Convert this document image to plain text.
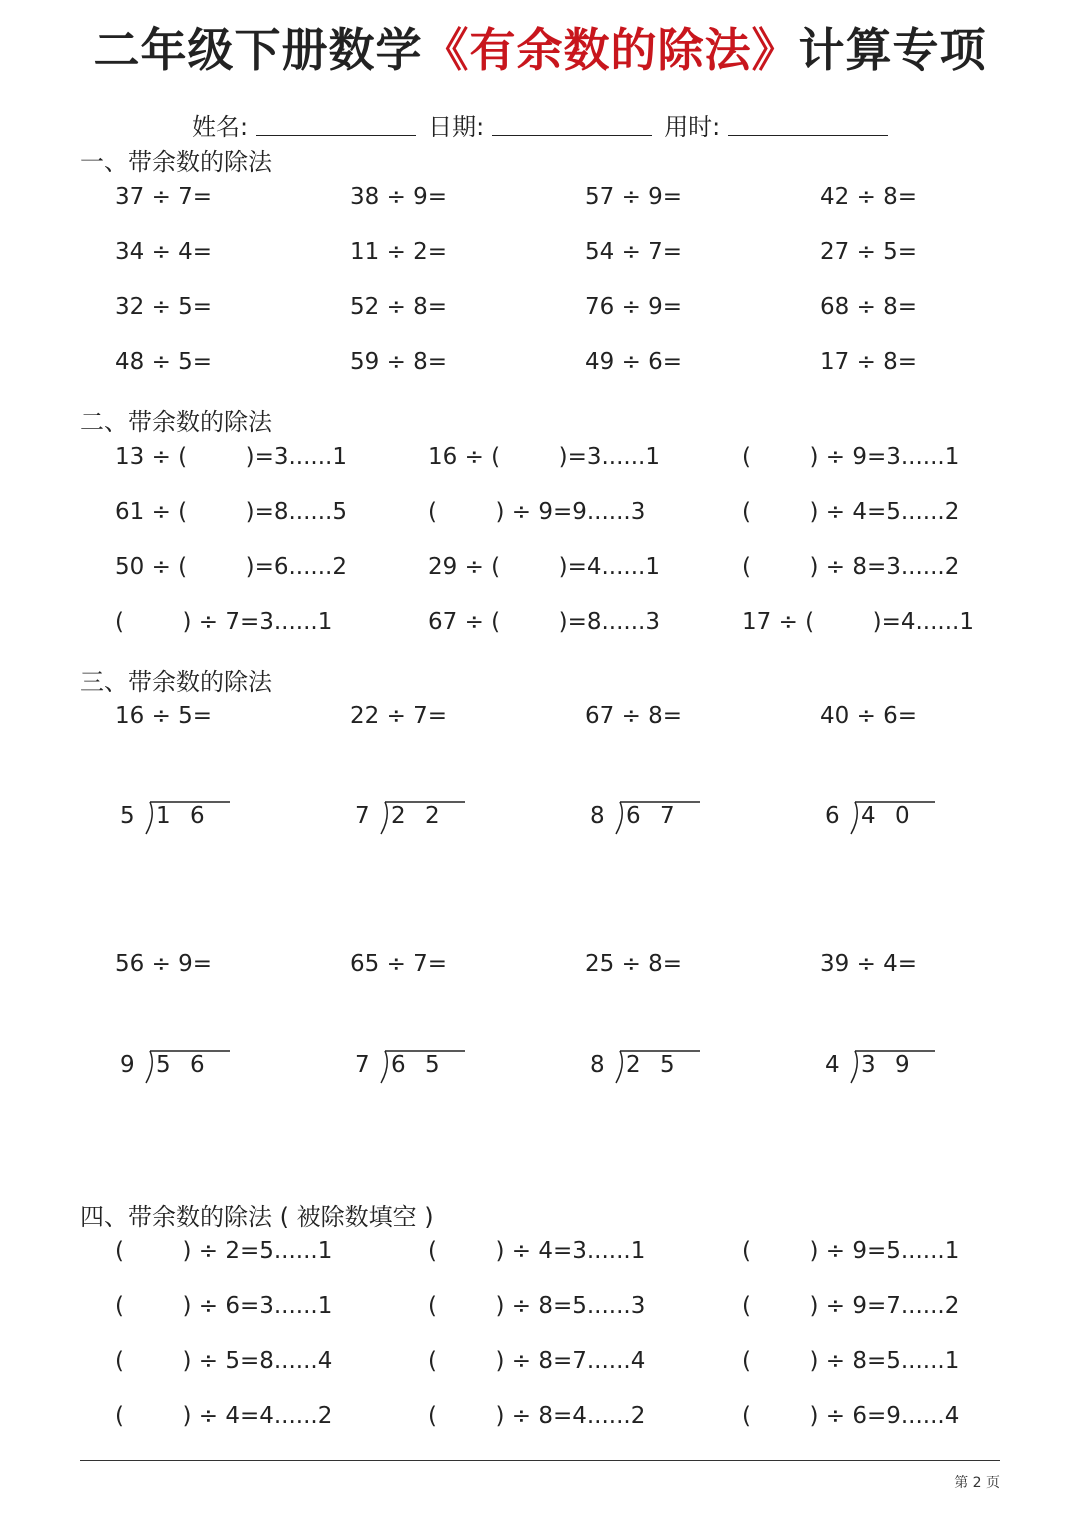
二年级下册数学《有余数的除法》计算专项
姓名:	日期:	用时:
一、带余数的除法
37 ÷ 7=	38 ÷ 9=	57 ÷ 9=	42 ÷ 8=
34 ÷ 4=	11 ÷ 2=	54 ÷ 7=	27 ÷ 5=
32 ÷ 5=	52 ÷ 8=	76 ÷ 9=	68 ÷ 8=
48 ÷ 5=	59 ÷ 8=	49 ÷ 6=	17 ÷ 8=
二、带余数的除法
13 ÷ (        )=3......1	16 ÷ (        )=3......1	(        ) ÷ 9=3......1
61 ÷ (        )=8......5	(        ) ÷ 9=9......3	(        ) ÷ 4=5......2
50 ÷ (        )=6......2	29 ÷ (        )=4......1	(        ) ÷ 8=3......2
(        ) ÷ 7=3......1	67 ÷ (        )=8......3	17 ÷ (        )=4......1
三、带余数的除法
16 ÷ 5=	22 ÷ 7=	67 ÷ 8=	40 ÷ 6=
5 1 6	7 2 2	8 6 7	6 4 0
56 ÷ 9=	65 ÷ 7=	25 ÷ 8=	39 ÷ 4=
9 5 6	7 6 5	8 2 5	4 3 9
四、带余数的除法 ( 被除数填空 )
(        ) ÷ 2=5......1	(        ) ÷ 4=3......1	(        ) ÷ 9=5......1
(        ) ÷ 6=3......1	(        ) ÷ 8=5......3	(        ) ÷ 9=7......2
(        ) ÷ 5=8......4	(        ) ÷ 8=7......4	(        ) ÷ 8=5......1
(        ) ÷ 4=4......2	(        ) ÷ 8=4......2	(        ) ÷ 6=9......4
第 2 页
